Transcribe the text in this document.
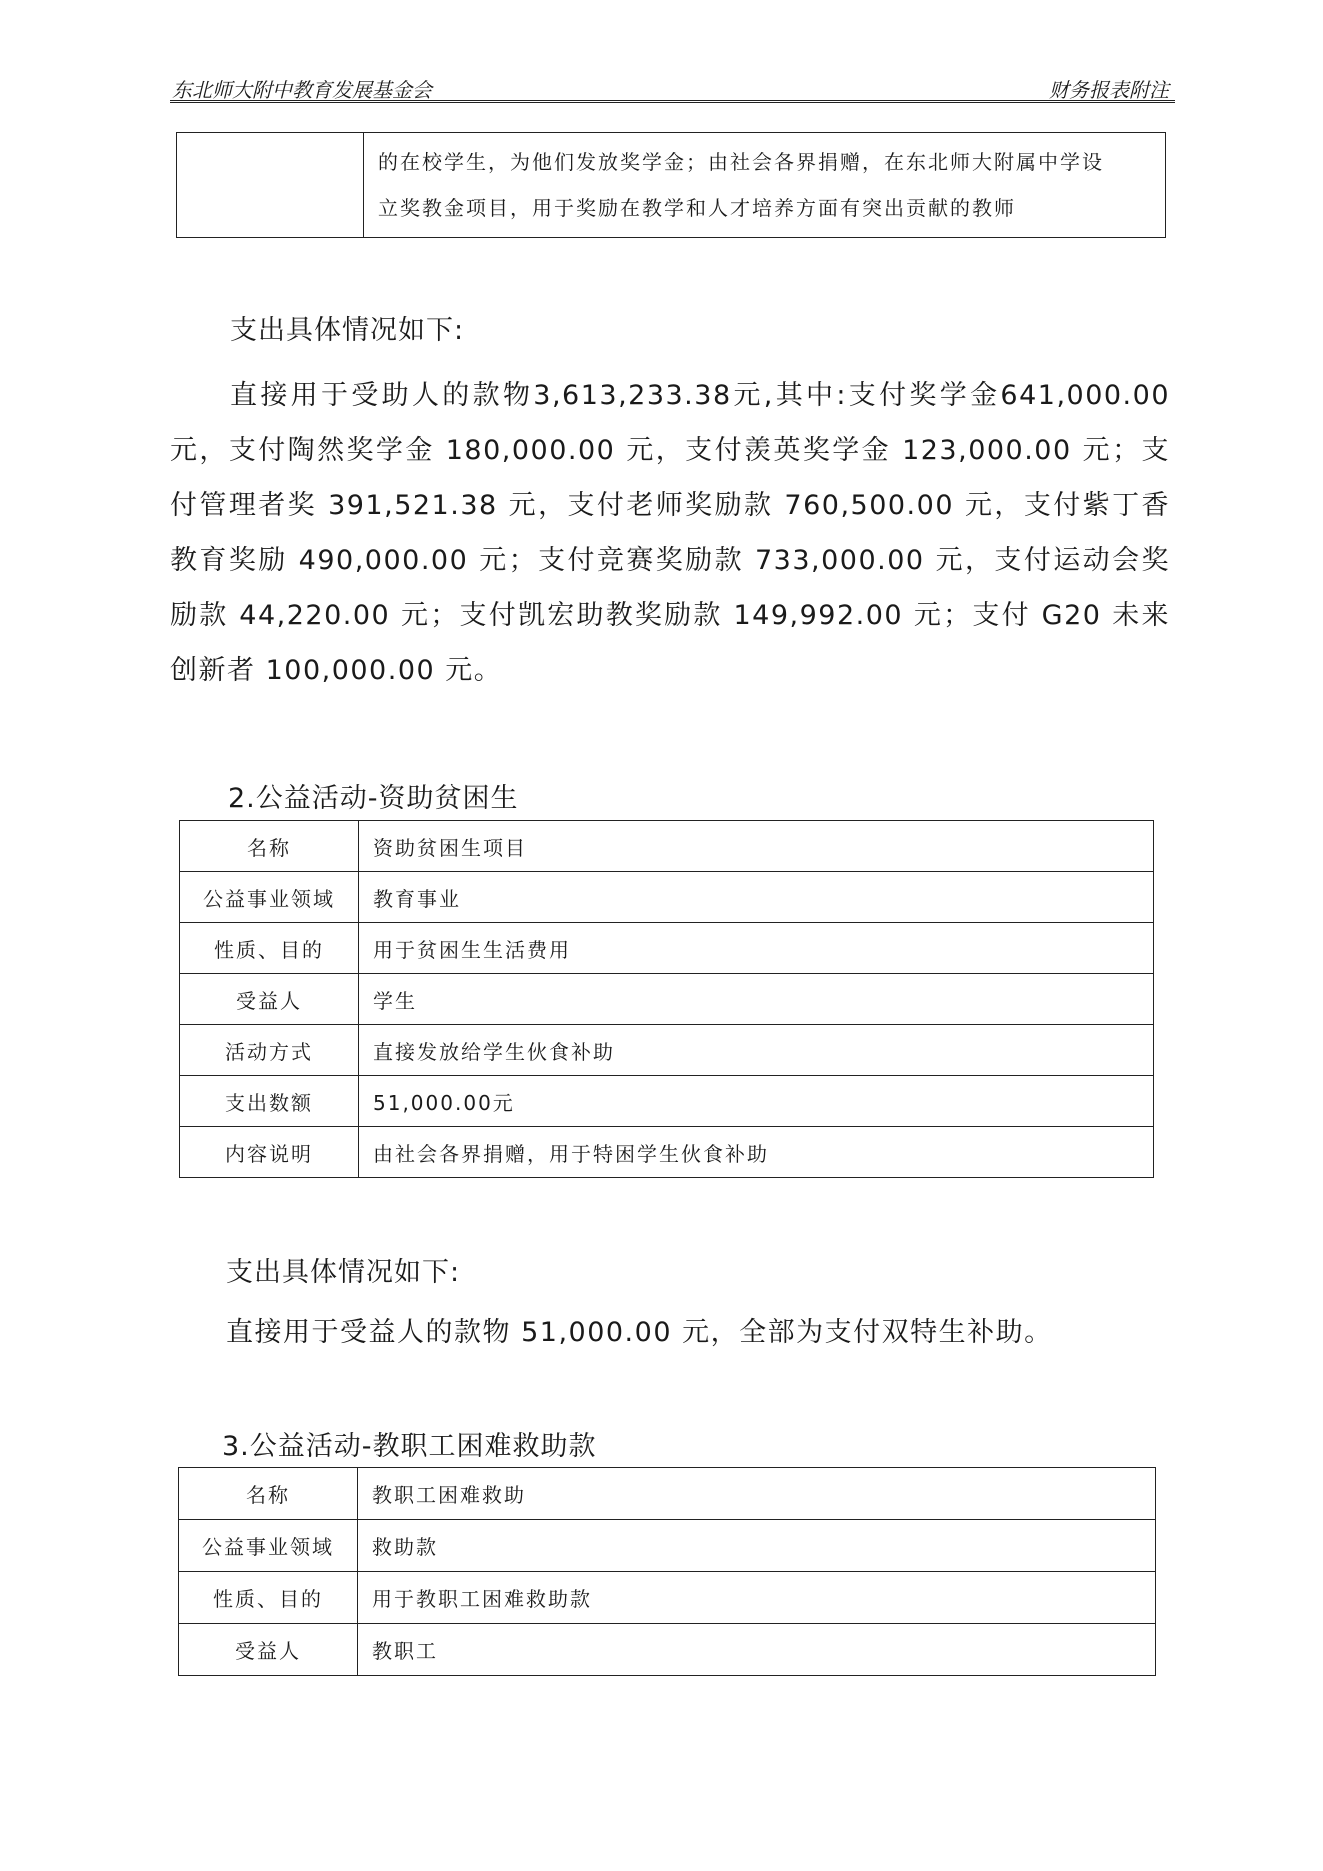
东北师大附中教育发展基金会	财务报表附注

的在校学生，为他们发放奖学金；由社会各界捐赠，在东北师大附属中学设
立奖教金项目，用于奖励在教学和人才培养方面有突出贡献的教师
支出具体情况如下:
直接用于受助人的款物3,613,233.38元,其中:支付奖学金641,000.00元，支付陶然奖学金 180,000.00 元，支付羡英奖学金 123,000.00 元；支付管理者奖 391,521.38 元，支付老师奖励款 760,500.00 元，支付紫丁香教育奖励 490,000.00 元；支付竞赛奖励款 733,000.00 元，支付运动会奖励款 44,220.00 元；支付凯宏助教奖励款 149,992.00 元；支付 G20 未来创新者 100,000.00 元。
2.公益活动-资助贫困生
名称	资助贫困生项目
公益事业领域	教育事业
性质、目的	用于贫困生生活费用
受益人	学生
活动方式	直接发放给学生伙食补助
支出数额	51,000.00元
内容说明	由社会各界捐赠，用于特困学生伙食补助
支出具体情况如下:
直接用于受益人的款物 51,000.00 元，全部为支付双特生补助。
3.公益活动-教职工困难救助款
名称	教职工困难救助
公益事业领域	救助款
性质、目的	用于教职工困难救助款
受益人	教职工
